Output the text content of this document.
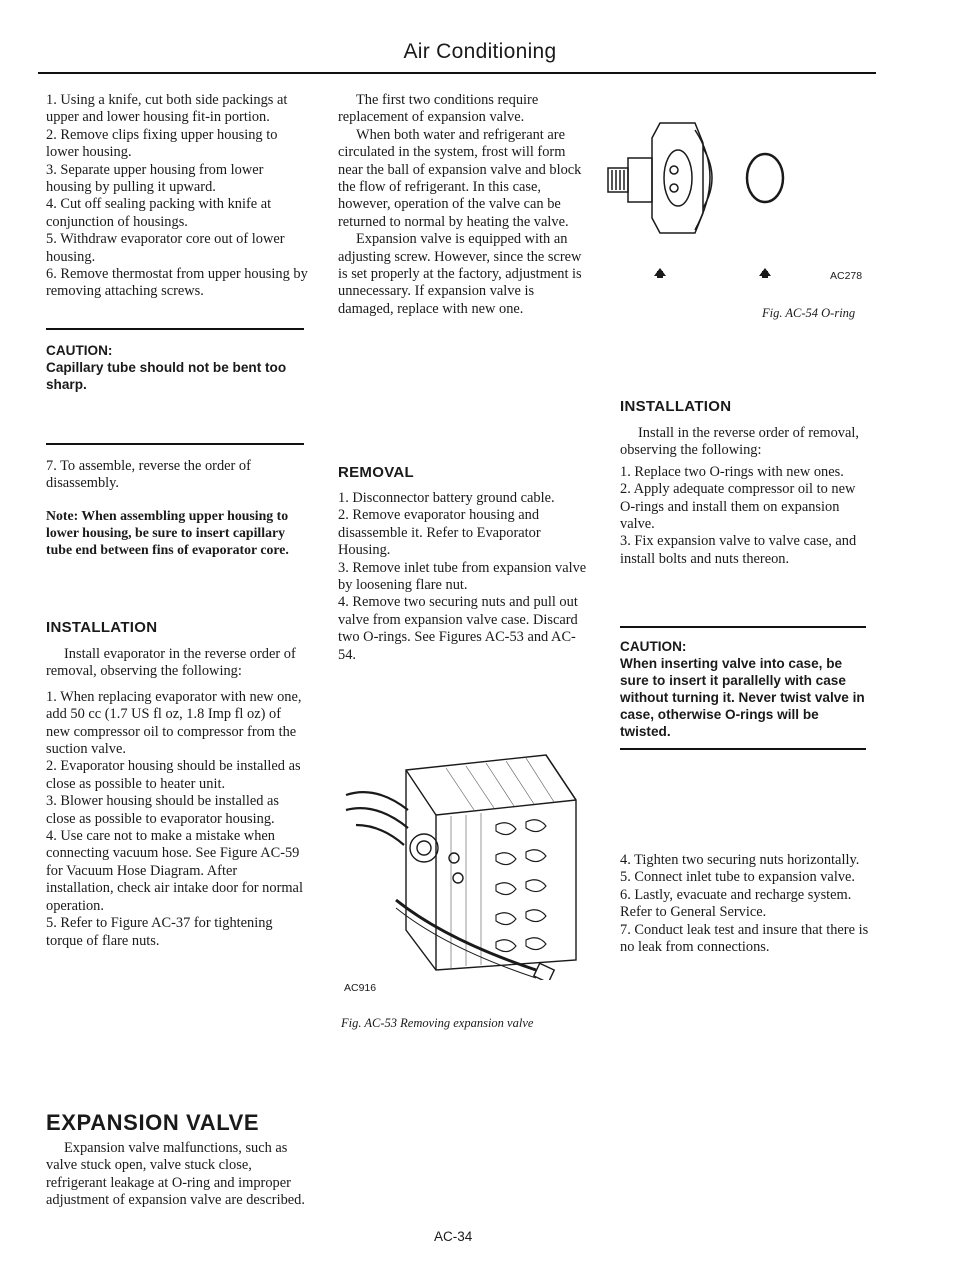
Air Conditioning

1. Using a knife, cut both side packings at upper and lower housing fit-in portion.

2. Remove clips fixing upper housing to lower housing.

3. Separate upper housing from lower housing by pulling it upward.

4. Cut off sealing packing with knife at conjunction of housings.

5. Withdraw evaporator core out of lower housing.

6. Remove thermostat from upper housing by removing attaching screws.

CAUTION:
Capillary tube should not be bent too sharp.

7. To assemble, reverse the order of disassembly.

Note: When assembling upper housing to lower housing, be sure to insert capillary tube end between fins of evaporator core.

INSTALLATION

Install evaporator in the reverse order of removal, observing the following:

1. When replacing evaporator with new one, add 50 cc (1.7 US fl oz, 1.8 Imp fl oz) of new compressor oil to compressor from the suction valve.

2. Evaporator housing should be installed as close as possible to heater unit.

3. Blower housing should be installed as close as possible to evaporator housing.

4. Use care not to make a mistake when connecting vacuum hose. See Figure AC-59 for Vacuum Hose Diagram. After installation, check air intake door for normal operation.

5. Refer to Figure AC-37 for tightening torque of flare nuts.

EXPANSION VALVE

Expansion valve malfunctions, such as valve stuck open, valve stuck close, refrigerant leakage at O-ring and improper adjustment of expansion valve are described.

The first two conditions require replacement of expansion valve.

When both water and refrigerant are circulated in the system, frost will form near the ball of expansion valve and block the flow of refrigerant. In this case, however, operation of the valve can be returned to normal by heating the valve.

Expansion valve is equipped with an adjusting screw. However, since the screw is set properly at the factory, adjustment is unnecessary. If expansion valve is damaged, replace with new one.

REMOVAL

1. Disconnector battery ground cable.

2. Remove evaporator housing and disassemble it. Refer to Evaporator Housing.

3. Remove inlet tube from expansion valve by loosening flare nut.

4. Remove two securing nuts and pull out valve from expansion valve case. Discard two O-rings. See Figures AC-53 and AC-54.

AC916
Fig. AC-53 Removing expansion valve
AC278
Fig. AC-54 O-ring
INSTALLATION

Install in the reverse order of removal, observing the following:

1. Replace two O-rings with new ones.

2. Apply adequate compressor oil to new O-rings and install them on expansion valve.

3. Fix expansion valve to valve case, and install bolts and nuts thereon.

CAUTION:
When inserting valve into case, be sure to insert it parallelly with case without turning it. Never twist valve in case, otherwise O-rings will be twisted.

4. Tighten two securing nuts horizontally.

5. Connect inlet tube to expansion valve.

6. Lastly, evacuate and recharge system. Refer to General Service.

7. Conduct leak test and insure that there is no leak from connections.

AC-34
